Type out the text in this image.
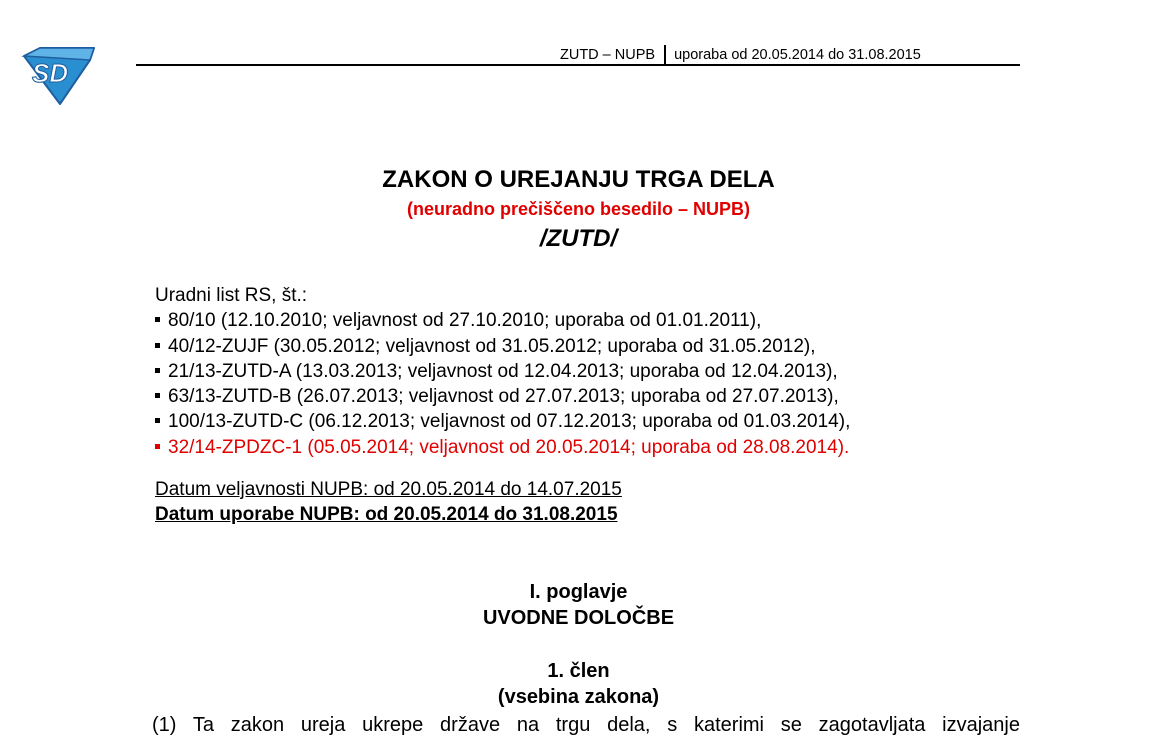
SD
ZUTD – NUPB uporaba od 20.05.2014 do 31.08.2015
ZAKON O UREJANJU TRGA DELA
(neuradno prečiščeno besedilo – NUPB)
/ZUTD/
Uradni list RS, št.:
80/10 (12.10.2010; veljavnost od 27.10.2010; uporaba od 01.01.2011),
40/12-ZUJF (30.05.2012; veljavnost od 31.05.2012; uporaba od 31.05.2012),
21/13-ZUTD-A (13.03.2013; veljavnost od 12.04.2013; uporaba od 12.04.2013),
63/13-ZUTD-B (26.07.2013; veljavnost od 27.07.2013; uporaba od 27.07.2013),
100/13-ZUTD-C (06.12.2013; veljavnost od 07.12.2013; uporaba od 01.03.2014),
32/14-ZPDZC-1 (05.05.2014; veljavnost od 20.05.2014; uporaba od 28.08.2014).
Datum veljavnosti NUPB: od 20.05.2014 do 14.07.2015
Datum uporabe NUPB: od 20.05.2014 do 31.08.2015
I. poglavje
UVODNE DOLOČBE
1. člen
(vsebina zakona)
(1) Ta zakon ureja ukrepe države na trgu dela, s katerimi se zagotavljata izvajanje
